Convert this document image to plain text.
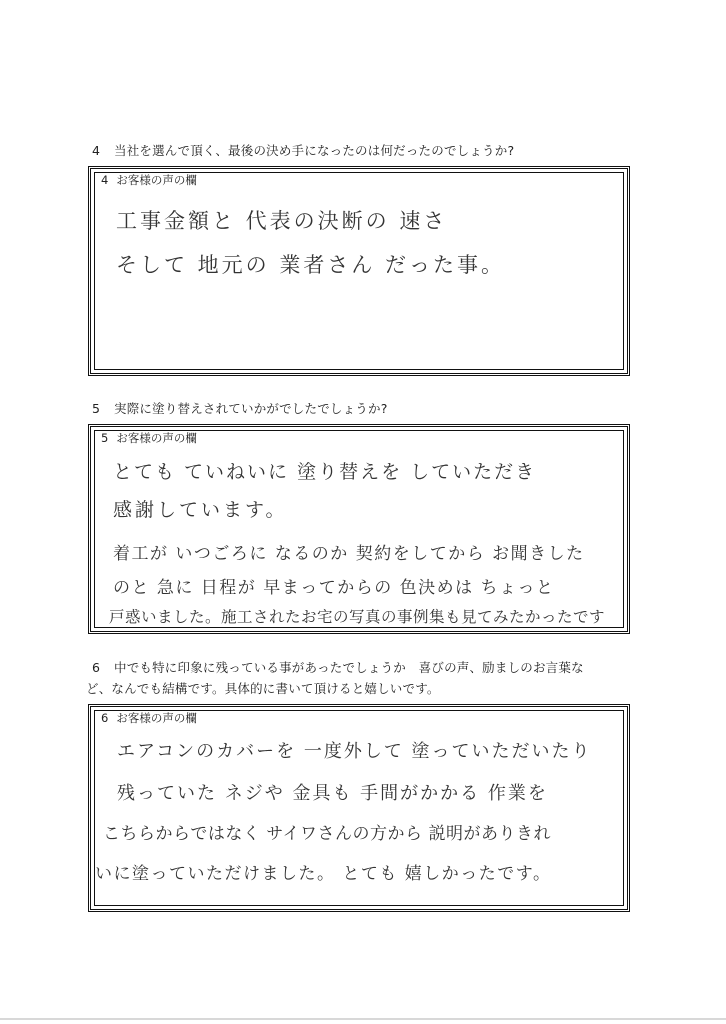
4 当社を選んで頂く、最後の決め手になったのは何だったのでしょうか?
4 お客様の声の欄
工事金額と 代表の決断の 速さ
そして 地元の 業者さん だった事。
5 実際に塗り替えされていかがでしたでしょうか?
5 お客様の声の欄
とても ていねいに 塗り替えを していただき
感謝しています。
着工が いつごろに なるのか 契約をしてから お聞きした
のと 急に 日程が 早まってからの 色決めは ちょっと
戸惑いました。施工されたお宅の写真の事例集も見てみたかったです
6 中でも特に印象に残っている事があったでしょうか　喜びの声、励ましのお言葉な
ど、なんでも結構です。具体的に書いて頂けると嬉しいです。
6 お客様の声の欄
エアコンのカバーを 一度外して 塗っていただいたり
残っていた ネジや 金具も 手間がかかる 作業を
こちらからではなく サイワさんの方から 説明がありきれ
いに塗っていただけました。 とても 嬉しかったです。
